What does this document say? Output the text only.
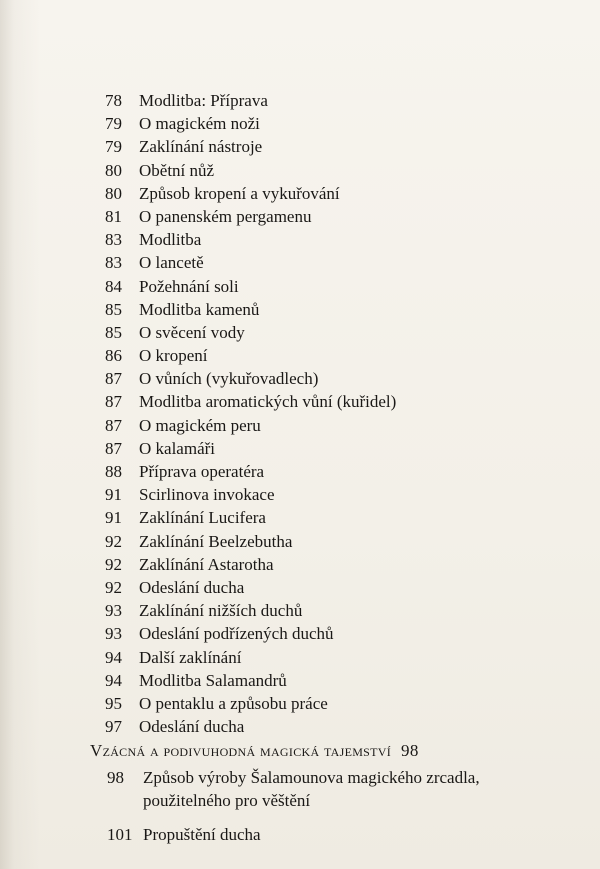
78	Modlitba: Příprava
79	O magickém noži
79	Zaklínání nástroje
80	Obětní nůž
80	Způsob kropení a vykuřování
81	O panenském pergamenu
83	Modlitba
83	O lancetě
84	Požehnání soli
85	Modlitba kamenů
85	O svěcení vody
86	O kropení
87	O vůních (vykuřovadlech)
87	Modlitba aromatických vůní (kuřidel)
87	O magickém peru
87	O kalamáři
88	Příprava operatéra
91	Scirlinova invokace
91	Zaklínání Lucifera
92	Zaklínání Beelzebutha
92	Zaklínání Astarotha
92	Odeslání ducha
93	Zaklínání nižších duchů
93	Odeslání podřízených duchů
94	Další zaklínání
94	Modlitba Salamandrů
95	O pentaklu a způsobu práce
97	Odeslání ducha
Vzácná a podivuhodná magická tajemství 98
98	Způsob výroby Šalamounova magického zrcadla, použitelného pro věštění
101 Propuštění ducha
